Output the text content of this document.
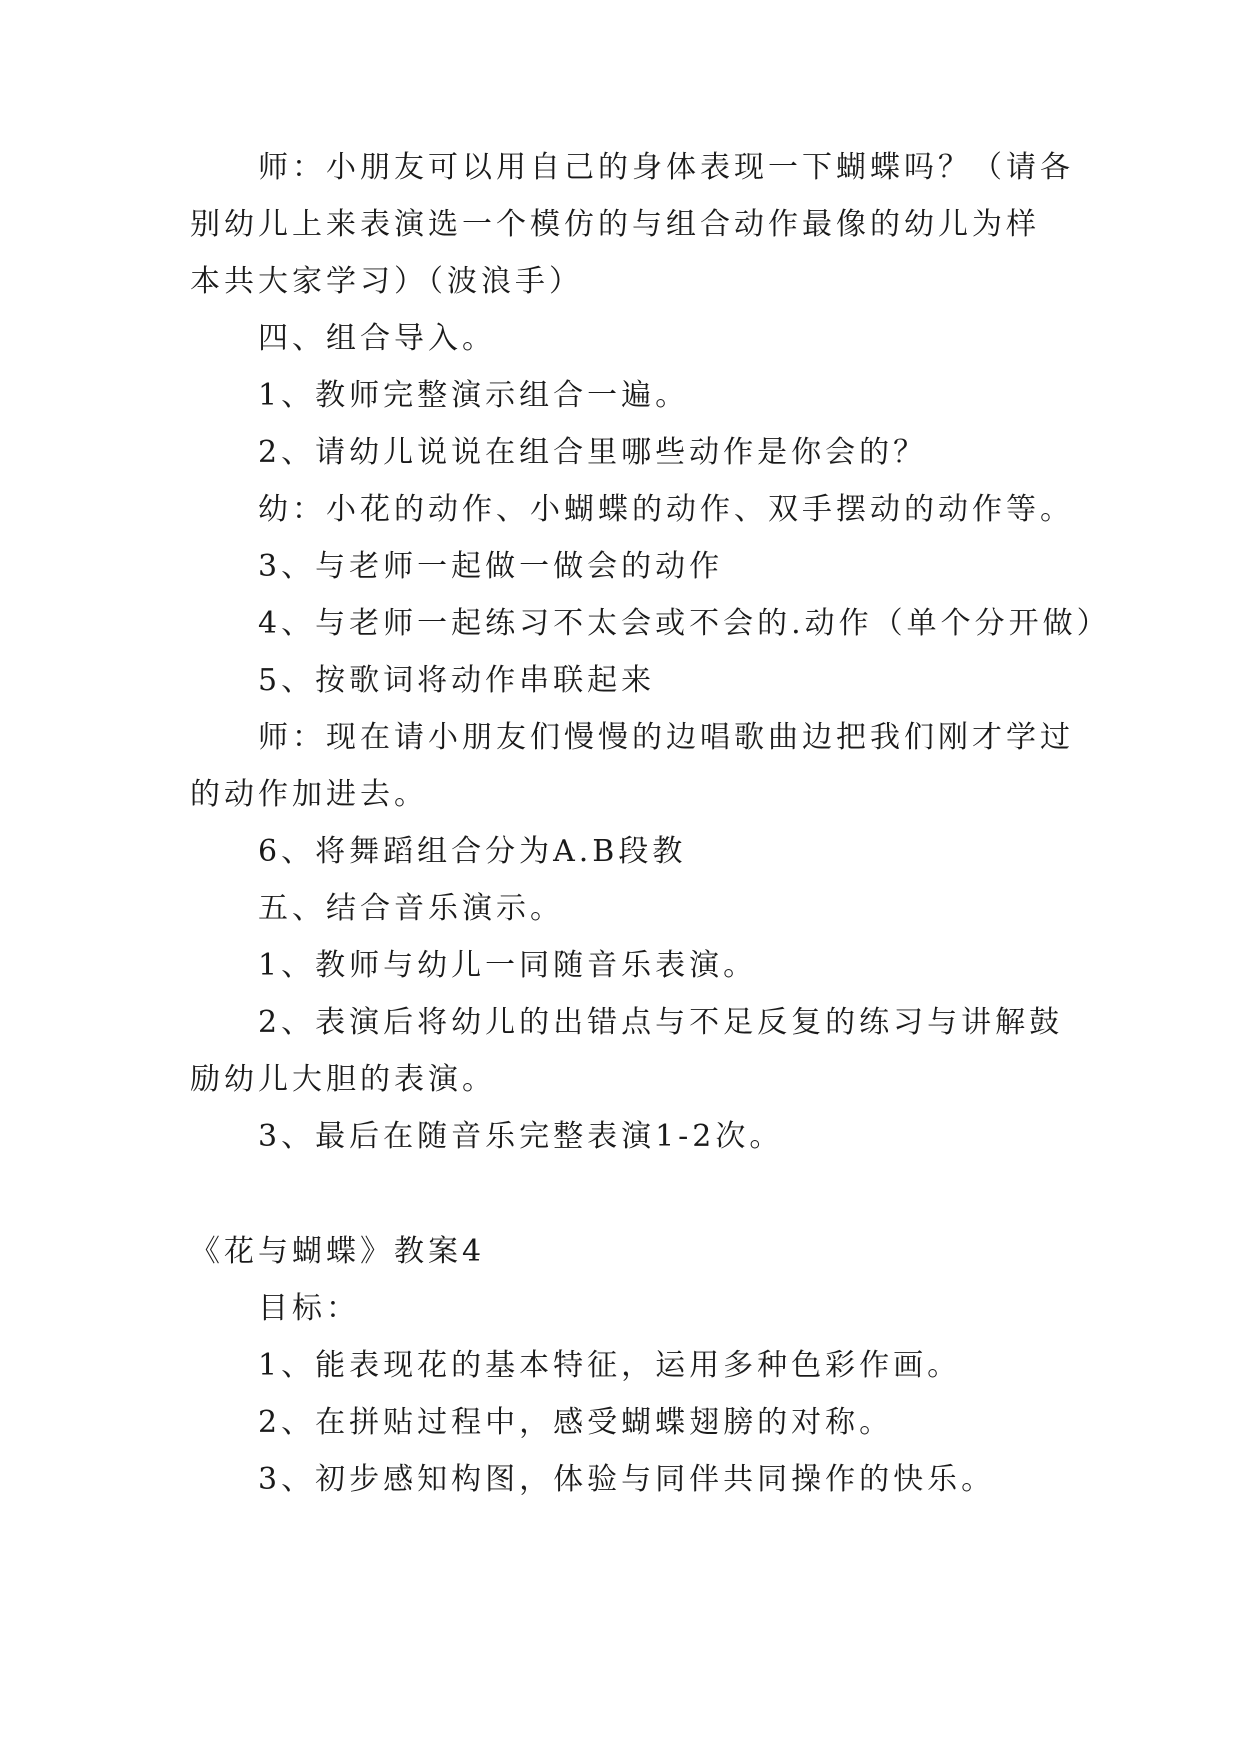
师：小朋友可以用自己的身体表现一下蝴蝶吗？（请各
别幼儿上来表演选一个模仿的与组合动作最像的幼儿为样
本共大家学习）（波浪手）
四、组合导入。
1、教师完整演示组合一遍。
2、请幼儿说说在组合里哪些动作是你会的？
幼：小花的动作、小蝴蝶的动作、双手摆动的动作等。
3、与老师一起做一做会的动作
4、与老师一起练习不太会或不会的.动作（单个分开做）
5、按歌词将动作串联起来
师：现在请小朋友们慢慢的边唱歌曲边把我们刚才学过
的动作加进去。
6、将舞蹈组合分为A.B段教
五、结合音乐演示。
1、教师与幼儿一同随音乐表演。
2、表演后将幼儿的出错点与不足反复的练习与讲解鼓
励幼儿大胆的表演。
3、最后在随音乐完整表演1-2次。
《花与蝴蝶》教案4
目标：
1、能表现花的基本特征，运用多种色彩作画。
2、在拼贴过程中，感受蝴蝶翅膀的对称。
3、初步感知构图，体验与同伴共同操作的快乐。
